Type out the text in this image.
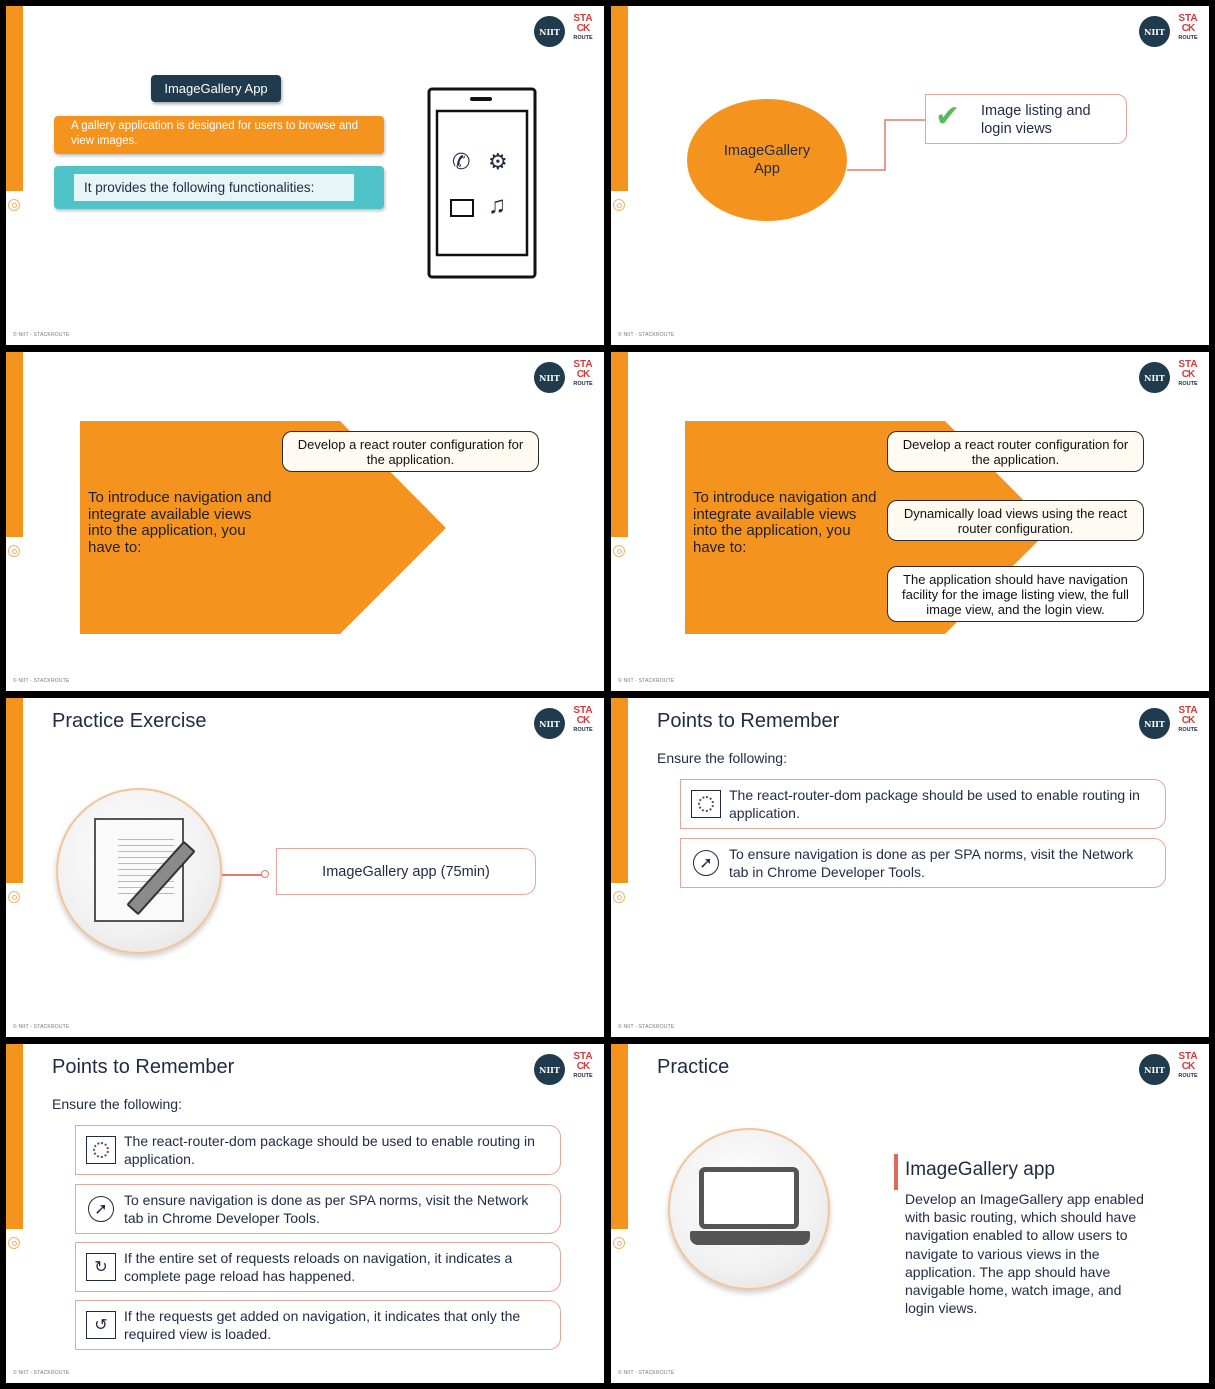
NIIT
STA
CK
ROUTE
ImageGallery App
A gallery application is designed for users to browse and view images.
It provides the following functionalities:
✆ ⚙
♫
© NIIT - STACKROUTE
NIIT
STA
CK
ROUTE
ImageGallery App
✔ Image listing and login views
© NIIT - STACKROUTE
NIIT
STA
CK
ROUTE
To introduce navigation and integrate available views into the application, you have to:
Develop a react router configuration for the application.
© NIIT - STACKROUTE
NIIT
STA
CK
ROUTE
To introduce navigation and integrate available views into the application, you have to:
Develop a react router configuration for the application.
Dynamically load views using the react router configuration.
The application should have navigation facility for the image listing view, the full image view, and the login view.
© NIIT - STACKROUTE
NIIT
STA
CK
ROUTE
Practice Exercise
ImageGallery app (75min)
© NIIT - STACKROUTE
NIIT
STA
CK
ROUTE
Points to Remember
Ensure the following:
The react-router-dom package should be used to enable routing in application.
➚
To ensure navigation is done as per SPA norms, visit the Network tab in Chrome Developer Tools.
© NIIT - STACKROUTE
NIIT
STA
CK
ROUTE
Points to Remember
Ensure the following:
The react-router-dom package should be used to enable routing in application.
➚
To ensure navigation is done as per SPA norms, visit the Network tab in Chrome Developer Tools.
↻
If the entire set of requests reloads on navigation, it indicates a complete page reload has happened.
↺
If the requests get added on navigation, it indicates that only the required view is loaded.
© NIIT - STACKROUTE
NIIT
STA
CK
ROUTE
Practice
ImageGallery app
Develop an ImageGallery app enabled with basic routing, which should have navigation enabled to allow users to navigate to various views in the application. The app should have navigable home, watch image, and login views.
© NIIT - STACKROUTE
